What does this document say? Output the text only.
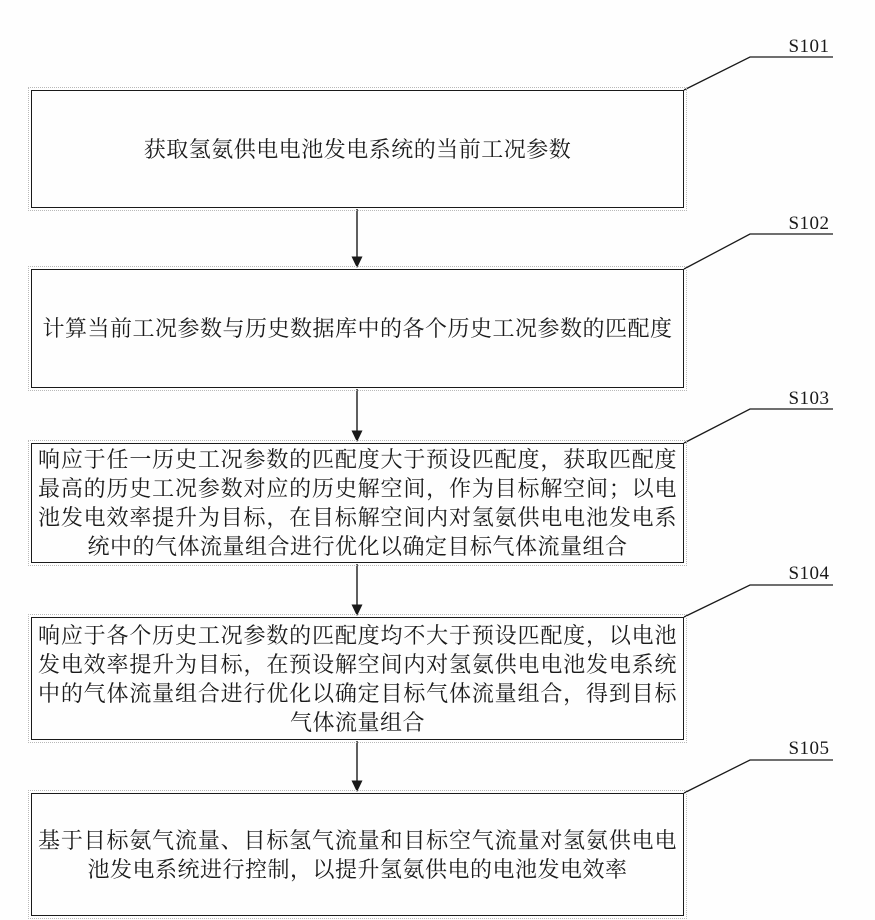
获取氢氨供电电池发电系统的当前工况参数
计算当前工况参数与历史数据库中的各个历史工况参数的匹配度
响应于任一历史工况参数的匹配度大于预设匹配度，获取匹配度最高的历史工况参数对应的历史解空间，作为目标解空间；以电池发电效率提升为目标，在目标解空间内对氢氨供电电池发电系统中的气体流量组合进行优化以确定目标气体流量组合
响应于各个历史工况参数的匹配度均不大于预设匹配度，以电池发电效率提升为目标，在预设解空间内对氢氨供电电池发电系统中的气体流量组合进行优化以确定目标气体流量组合，得到目标气体流量组合
基于目标氨气流量、目标氢气流量和目标空气流量对氢氨供电电池发电系统进行控制，以提升氢氨供电的电池发电效率
S101
S102
S103
S104
S105
